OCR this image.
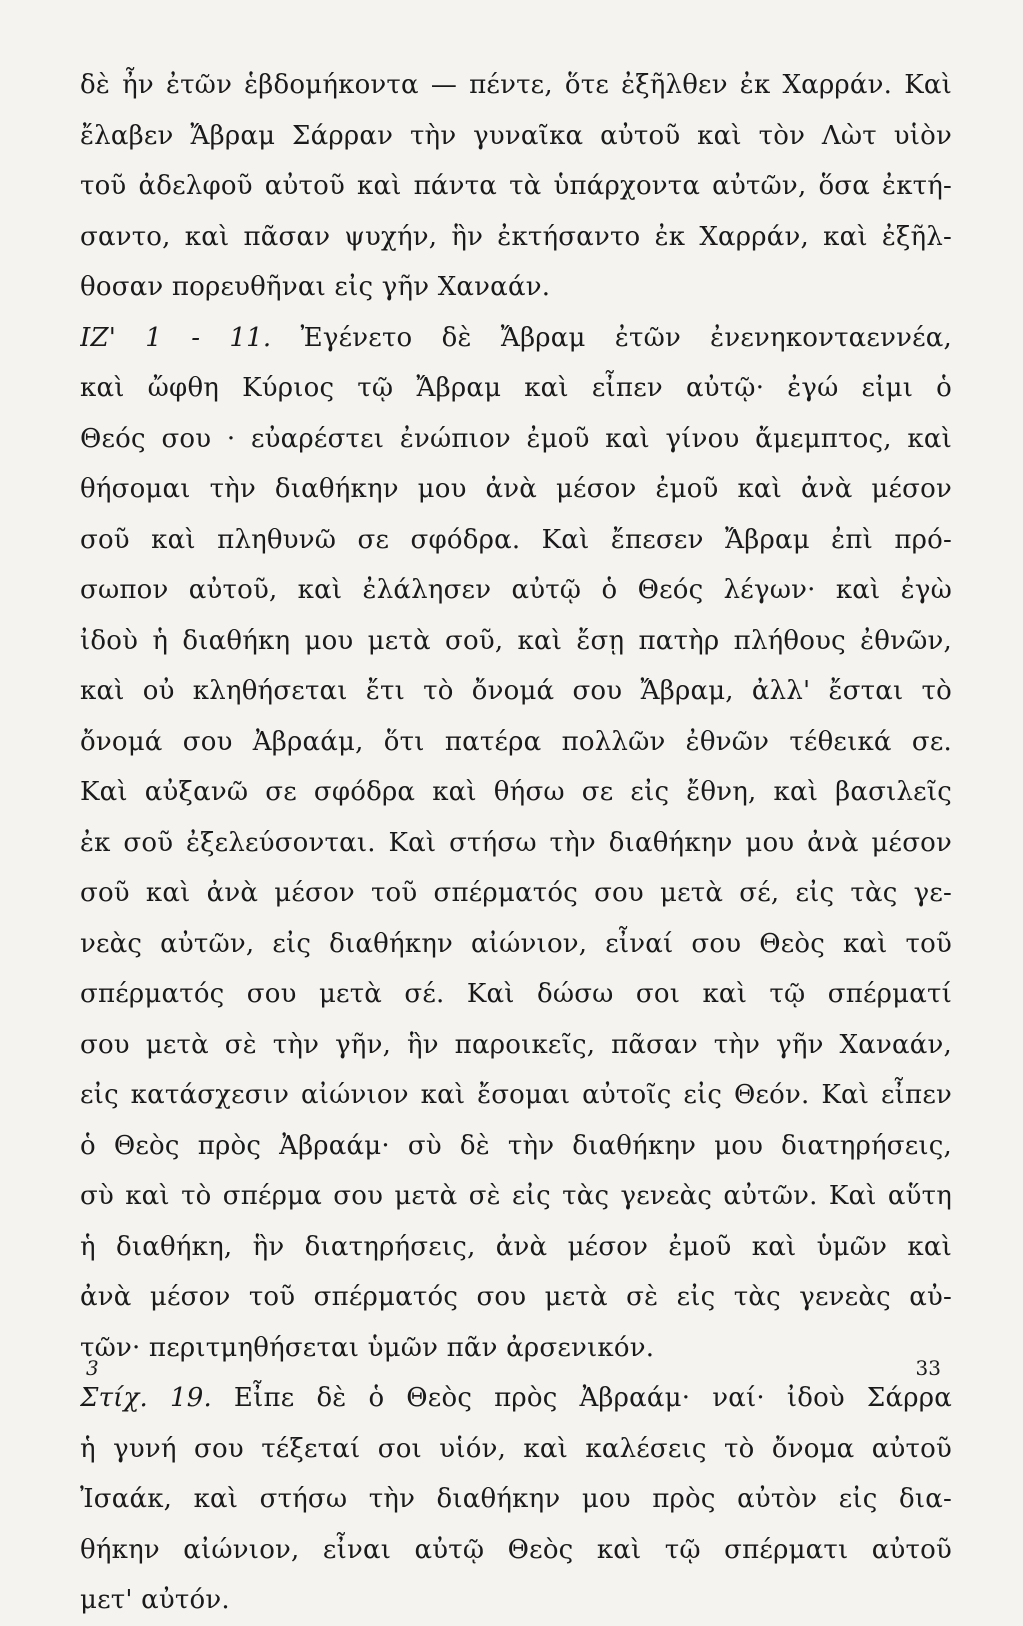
δὲ ἦν ἐτῶν ἑβδομήκοντα — πέντε, ὅτε ἐξῆλθεν ἐκ Χαρράν. Καὶ
ἔλαβεν Ἄβραμ Σάρραν τὴν γυναῖκα αὐτοῦ καὶ τὸν Λὼτ υἱὸν
τοῦ ἀδελφοῦ αὐτοῦ καὶ πάντα τὰ ὑπάρχοντα αὐτῶν, ὅσα ἐκτή-
σαντο, καὶ πᾶσαν ψυχήν, ἣν ἐκτήσαντο ἐκ Χαρράν, καὶ ἐξῆλ-
θοσαν πορευθῆναι εἰς γῆν Χαναάν.
ΙΖ' 1 - 11. Ἐγένετο δὲ Ἄβραμ ἐτῶν ἐνενηκονταεννέα,
καὶ ὤφθη Κύριος τῷ Ἄβραμ καὶ εἶπεν αὐτῷ· ἐγώ εἰμι ὁ
Θεός σου · εὐαρέστει ἐνώπιον ἐμοῦ καὶ γίνου ἄμεμπτος, καὶ
θήσομαι τὴν διαθήκην μου ἀνὰ μέσον ἐμοῦ καὶ ἀνὰ μέσον
σοῦ καὶ πληθυνῶ σε σφόδρα. Καὶ ἔπεσεν Ἄβραμ ἐπὶ πρό-
σωπον αὐτοῦ, καὶ ἐλάλησεν αὐτῷ ὁ Θεός λέγων· καὶ ἐγὼ
ἰδοὺ ἡ διαθήκη μου μετὰ σοῦ, καὶ ἔσῃ πατὴρ πλήθους ἐθνῶν,
καὶ οὐ κληθήσεται ἔτι τὸ ὄνομά σου Ἄβραμ, ἀλλ' ἔσται τὸ
ὄνομά σου Ἀβραάμ, ὅτι πατέρα πολλῶν ἐθνῶν τέθεικά σε.
Καὶ αὐξανῶ σε σφόδρα καὶ θήσω σε εἰς ἔθνη, καὶ βασιλεῖς
ἐκ σοῦ ἐξελεύσονται. Καὶ στήσω τὴν διαθήκην μου ἀνὰ μέσον
σοῦ καὶ ἀνὰ μέσον τοῦ σπέρματός σου μετὰ σέ, εἰς τὰς γε-
νεὰς αὐτῶν, εἰς διαθήκην αἰώνιον, εἶναί σου Θεὸς καὶ τοῦ
σπέρματός σου μετὰ σέ. Καὶ δώσω σοι καὶ τῷ σπέρματί
σου μετὰ σὲ τὴν γῆν, ἣν παροικεῖς, πᾶσαν τὴν γῆν Χαναάν,
εἰς κατάσχεσιν αἰώνιον καὶ ἔσομαι αὐτοῖς εἰς Θεόν. Καὶ εἶπεν
ὁ Θεὸς πρὸς Ἀβραάμ· σὺ δὲ τὴν διαθήκην μου διατηρήσεις,
σὺ καὶ τὸ σπέρμα σου μετὰ σὲ εἰς τὰς γενεὰς αὐτῶν. Καὶ αὕτη
ἡ διαθήκη, ἣν διατηρήσεις, ἀνὰ μέσον ἐμοῦ καὶ ὑμῶν καὶ
ἀνὰ μέσον τοῦ σπέρματός σου μετὰ σὲ εἰς τὰς γενεὰς αὐ-
τῶν· περιτμηθήσεται ὑμῶν πᾶν ἀρσενικόν.
Στίχ. 19. Εἶπε δὲ ὁ Θεὸς πρὸς Ἀβραάμ· ναί· ἰδοὺ Σάρρα
ἡ γυνή σου τέξεταί σοι υἱόν, καὶ καλέσεις τὸ ὄνομα αὐτοῦ
Ἰσαάκ, καὶ στήσω τὴν διαθήκην μου πρὸς αὐτὸν εἰς δια-
θήκην αἰώνιον, εἶναι αὐτῷ Θεὸς καὶ τῷ σπέρματι αὐτοῦ
μετ' αὐτόν.
3	33
